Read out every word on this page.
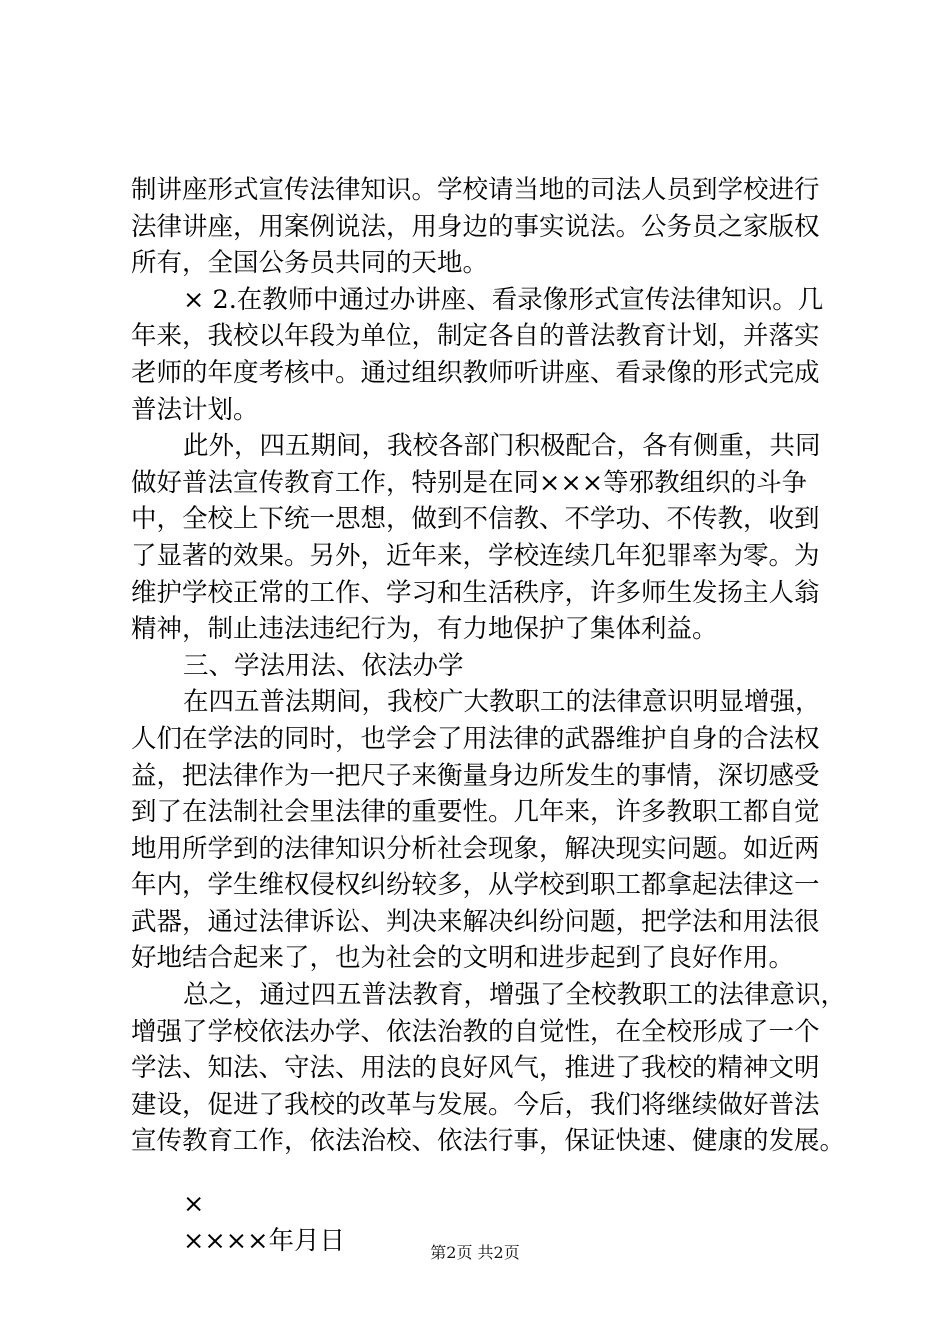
制讲座形式宣传法律知识。学校请当地的司法人员到学校进行
法律讲座，用案例说法，用身边的事实说法。公务员之家版权
所有，全国公务员共同的天地。
× 2.在教师中通过办讲座、看录像形式宣传法律知识。几
年来，我校以年段为单位，制定各自的普法教育计划，并落实
老师的年度考核中。通过组织教师听讲座、看录像的形式完成
普法计划。
此外，四五期间，我校各部门积极配合，各有侧重，共同
做好普法宣传教育工作，特别是在同×××等邪教组织的斗争
中，全校上下统一思想，做到不信教、不学功、不传教，收到
了显著的效果。另外，近年来，学校连续几年犯罪率为零。为
维护学校正常的工作、学习和生活秩序，许多师生发扬主人翁
精神，制止违法违纪行为，有力地保护了集体利益。
三、学法用法、依法办学
在四五普法期间，我校广大教职工的法律意识明显增强，
人们在学法的同时，也学会了用法律的武器维护自身的合法权
益，把法律作为一把尺子来衡量身边所发生的事情，深切感受
到了在法制社会里法律的重要性。几年来，许多教职工都自觉
地用所学到的法律知识分析社会现象，解决现实问题。如近两
年内，学生维权侵权纠纷较多，从学校到职工都拿起法律这一
武器，通过法律诉讼、判决来解决纠纷问题，把学法和用法很
好地结合起来了，也为社会的文明和进步起到了良好作用。
总之，通过四五普法教育，增强了全校教职工的法律意识，
增强了学校依法办学、依法治教的自觉性，在全校形成了一个
学法、知法、守法、用法的良好风气，推进了我校的精神文明
建设，促进了我校的改革与发展。今后，我们将继续做好普法
宣传教育工作，依法治校、依法行事，保证快速、健康的发展。
×
××××年月日	第2页 共2页
